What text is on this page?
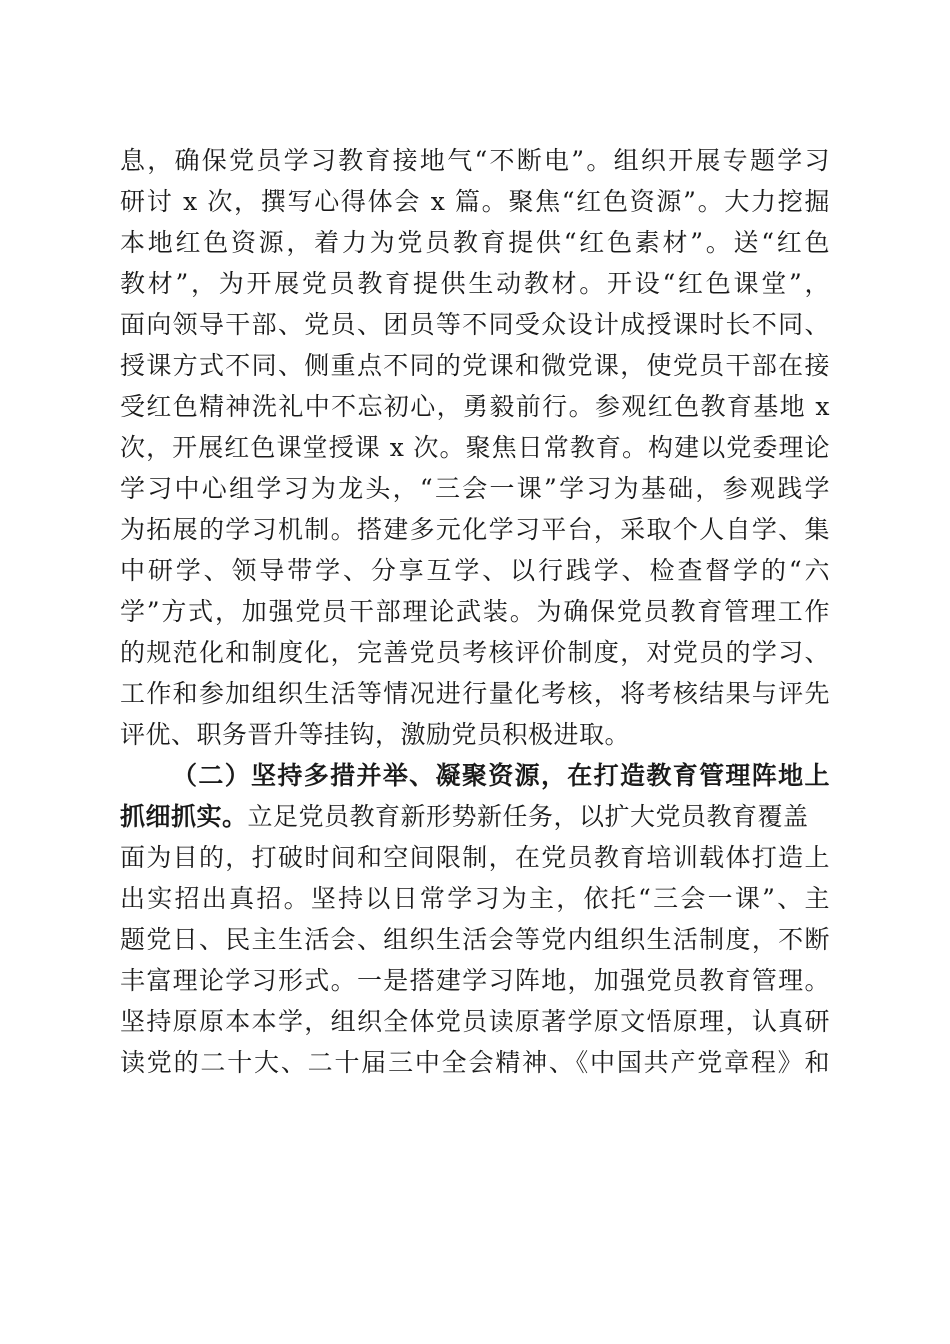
息，确保党员学习教育接地气“不断电”。组织开展专题学习
研讨 x 次，撰写心得体会 x 篇。聚焦“红色资源”。大力挖掘
本地红色资源，着力为党员教育提供“红色素材”。送“红色
教材”，为开展党员教育提供生动教材。开设“红色课堂”，
面向领导干部、党员、团员等不同受众设计成授课时长不同、
授课方式不同、侧重点不同的党课和微党课，使党员干部在接
受红色精神洗礼中不忘初心，勇毅前行。参观红色教育基地 x
次，开展红色课堂授课 x 次。聚焦日常教育。构建以党委理论
学习中心组学习为龙头，“三会一课”学习为基础，参观践学
为拓展的学习机制。搭建多元化学习平台，采取个人自学、集
中研学、领导带学、分享互学、以行践学、检查督学的“六
学”方式，加强党员干部理论武装。为确保党员教育管理工作
的规范化和制度化，完善党员考核评价制度，对党员的学习、
工作和参加组织生活等情况进行量化考核，将考核结果与评先
评优、职务晋升等挂钩，激励党员积极进取。
（二）坚持多措并举、凝聚资源，在打造教育管理阵地上
抓细抓实。立足党员教育新形势新任务，以扩大党员教育覆盖
面为目的，打破时间和空间限制，在党员教育培训载体打造上
出实招出真招。坚持以日常学习为主，依托“三会一课”、主
题党日、民主生活会、组织生活会等党内组织生活制度，不断
丰富理论学习形式。一是搭建学习阵地，加强党员教育管理。
坚持原原本本学，组织全体党员读原著学原文悟原理，认真研
读党的二十大、二十届三中全会精神、《中国共产党章程》和
